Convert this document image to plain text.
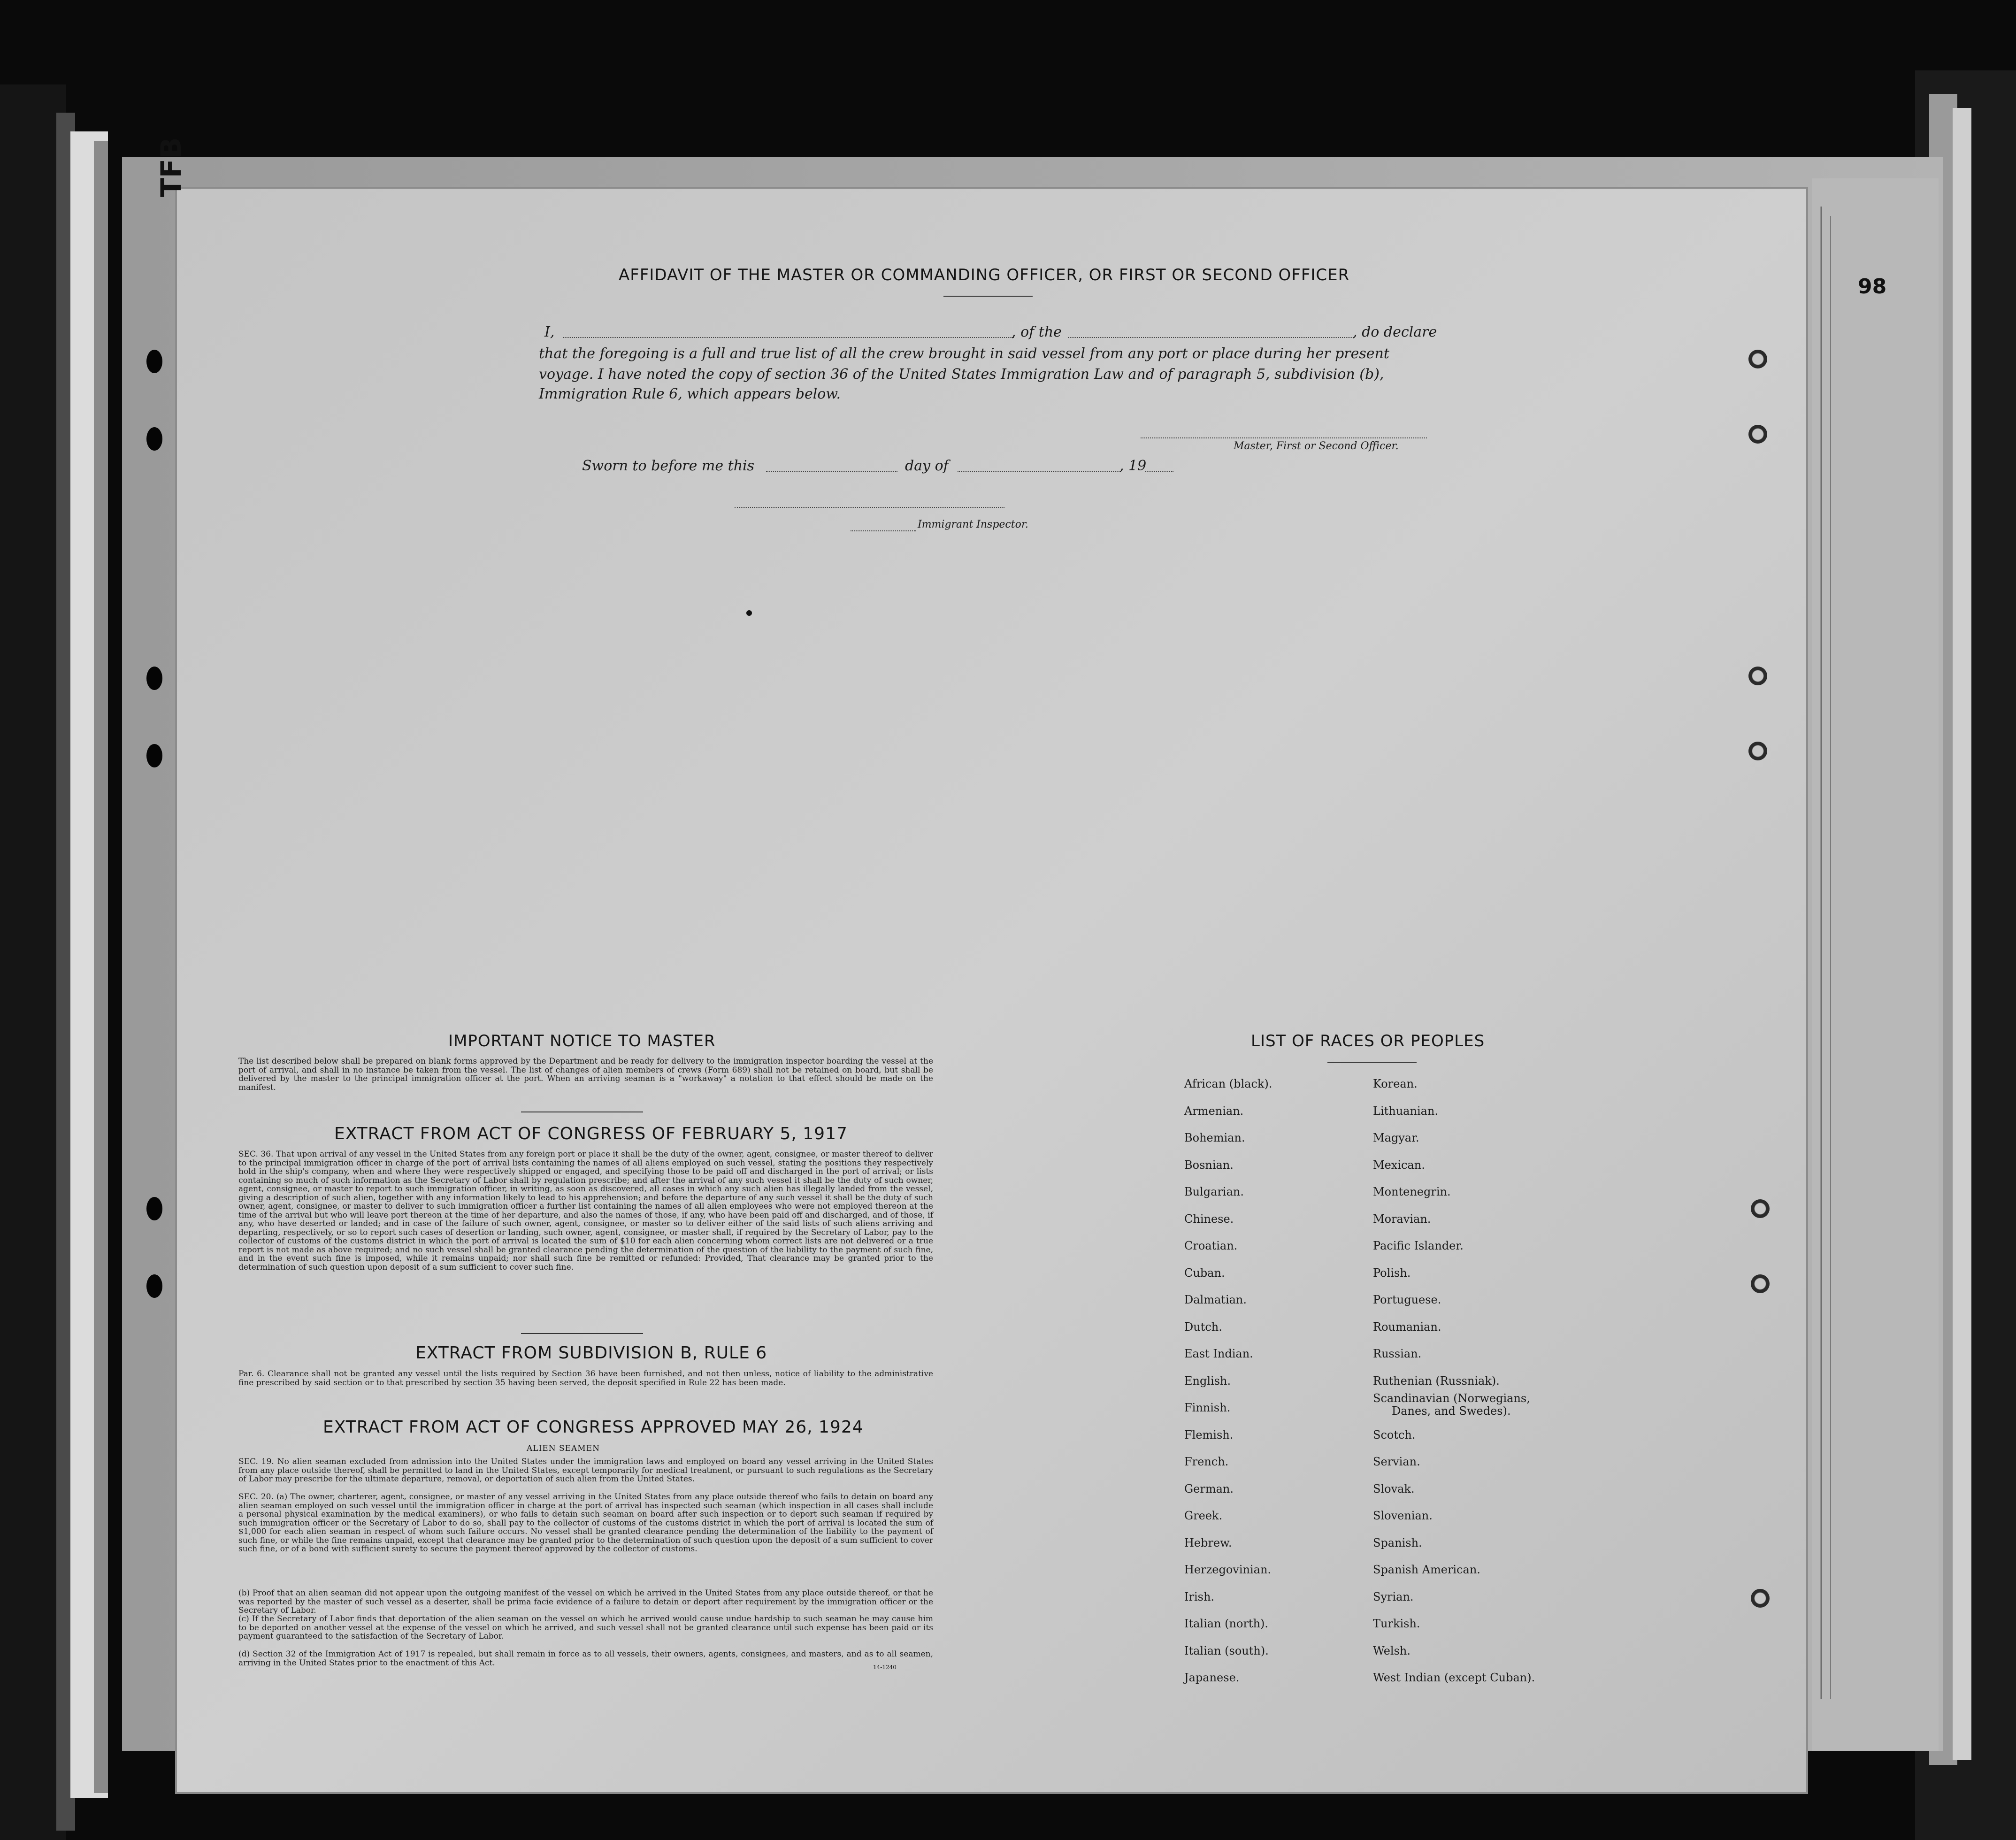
TFB
98
AFFIDAVIT OF THE MASTER OR COMMANDING OFFICER, OR FIRST OR SECOND OFFICER
I,	, of the	, do declare
that the foregoing is a full and true list of all the crew brought in said vessel from any port or place during her present
voyage. I have noted the copy of section 36 of the United States Immigration Law and of paragraph 5, subdivision (b),
Immigration Rule 6, which appears below.
Master, First or Second Officer.
Sworn to before me this	day of	, 19
Immigrant Inspector.
IMPORTANT NOTICE TO MASTER
The list described below shall be prepared on blank forms approved by the Department and be ready for delivery to the immigration inspector boarding the vessel at the port of arrival, and shall in no instance be taken from the vessel. The list of changes of alien members of crews (Form 689) shall not be retained on board, but shall be delivered by the master to the principal immigration officer at the port. When an arriving seaman is a "workaway" a notation to that effect should be made on the manifest.
EXTRACT FROM ACT OF CONGRESS OF FEBRUARY 5, 1917
SEC. 36. That upon arrival of any vessel in the United States from any foreign port or place it shall be the duty of the owner, agent, consignee, or master thereof to deliver to the principal immigration officer in charge of the port of arrival lists containing the names of all aliens employed on such vessel, stating the positions they respectively hold in the ship's company, when and where they were respectively shipped or engaged, and specifying those to be paid off and discharged in the port of arrival; or lists containing so much of such information as the Secretary of Labor shall by regulation prescribe; and after the arrival of any such vessel it shall be the duty of such owner, agent, consignee, or master to report to such immigration officer, in writing, as soon as discovered, all cases in which any such alien has illegally landed from the vessel, giving a description of such alien, together with any information likely to lead to his apprehension; and before the departure of any such vessel it shall be the duty of such owner, agent, consignee, or master to deliver to such immigration officer a further list containing the names of all alien employees who were not employed thereon at the time of the arrival but who will leave port thereon at the time of her departure, and also the names of those, if any, who have been paid off and discharged, and of those, if any, who have deserted or landed; and in case of the failure of such owner, agent, consignee, or master so to deliver either of the said lists of such aliens arriving and departing, respectively, or so to report such cases of desertion or landing, such owner, agent, consignee, or master shall, if required by the Secretary of Labor, pay to the collector of customs of the customs district in which the port of arrival is located the sum of $10 for each alien concerning whom correct lists are not delivered or a true report is not made as above required; and no such vessel shall be granted clearance pending the determination of the question of the liability to the payment of such fine, and in the event such fine is imposed, while it remains unpaid; nor shall such fine be remitted or refunded: Provided, That clearance may be granted prior to the determination of such question upon deposit of a sum sufficient to cover such fine.
EXTRACT FROM SUBDIVISION B, RULE 6
Par. 6. Clearance shall not be granted any vessel until the lists required by Section 36 have been furnished, and not then unless, notice of liability to the administrative fine prescribed by said section or to that prescribed by section 35 having been served, the deposit specified in Rule 22 has been made.
EXTRACT FROM ACT OF CONGRESS APPROVED MAY 26, 1924
ALIEN SEAMEN
SEC. 19. No alien seaman excluded from admission into the United States under the immigration laws and employed on board any vessel arriving in the United States from any place outside thereof, shall be permitted to land in the United States, except temporarily for medical treatment, or pursuant to such regulations as the Secretary of Labor may prescribe for the ultimate departure, removal, or deportation of such alien from the United States.
SEC. 20. (a) The owner, charterer, agent, consignee, or master of any vessel arriving in the United States from any place outside thereof who fails to detain on board any alien seaman employed on such vessel until the immigration officer in charge at the port of arrival has inspected such seaman (which inspection in all cases shall include a personal physical examination by the medical examiners), or who fails to detain such seaman on board after such inspection or to deport such seaman if required by such immigration officer or the Secretary of Labor to do so, shall pay to the collector of customs of the customs district in which the port of arrival is located the sum of $1,000 for each alien seaman in respect of whom such failure occurs. No vessel shall be granted clearance pending the determination of the liability to the payment of such fine, or while the fine remains unpaid, except that clearance may be granted prior to the determination of such question upon the deposit of a sum sufficient to cover such fine, or of a bond with sufficient surety to secure the payment thereof approved by the collector of customs.
(b) Proof that an alien seaman did not appear upon the outgoing manifest of the vessel on which he arrived in the United States from any place outside thereof, or that he was reported by the master of such vessel as a deserter, shall be prima facie evidence of a failure to detain or deport after requirement by the immigration officer or the Secretary of Labor.
(c) If the Secretary of Labor finds that deportation of the alien seaman on the vessel on which he arrived would cause undue hardship to such seaman he may cause him to be deported on another vessel at the expense of the vessel on which he arrived, and such vessel shall not be granted clearance until such expense has been paid or its payment guaranteed to the satisfaction of the Secretary of Labor.
(d) Section 32 of the Immigration Act of 1917 is repealed, but shall remain in force as to all vessels, their owners, agents, consignees, and masters, and as to all seamen, arriving in the United States prior to the enactment of this Act.	14-1240
LIST OF RACES OR PEOPLES
African (black).
Armenian.
Bohemian.
Bosnian.
Bulgarian.
Chinese.
Croatian.
Cuban.
Dalmatian.
Dutch.
East Indian.
English.
Finnish.
Flemish.
French.
German.
Greek.
Hebrew.
Herzegovinian.
Irish.
Italian (north).
Italian (south).
Japanese.
Korean.
Lithuanian.
Magyar.
Mexican.
Montenegrin.
Moravian.
Pacific Islander.
Polish.
Portuguese.
Roumanian.
Russian.
Ruthenian (Russniak).
Scandinavian (Norwegians,
Danes, and Swedes).
Scotch.
Servian.
Slovak.
Slovenian.
Spanish.
Spanish American.
Syrian.
Turkish.
Welsh.
West Indian (except Cuban).
